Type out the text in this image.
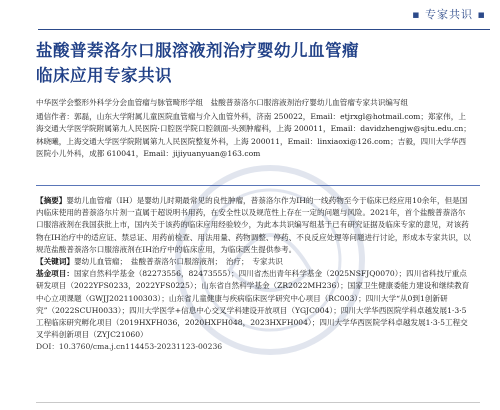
▪ 专家共识 ▪
盐酸普萘洛尔口服溶液剂治疗婴幼儿血管瘤
临床应用专家共识

中华医学会整形外科学分会血管瘤与脉管畸形学组　盐酸普萘洛尔口服溶液剂治疗婴幼儿血管瘤专家共识编写组

通信作者：郭磊，山东大学附属儿童医院血管瘤与介入血管外科，济南 250022，Email：etjrxgl@hotmail.com；郑家伟，上海交通大学医学院附属第九人民医院·口腔医学院口腔颌面-头颈肿瘤科，上海 200011，Email：davidzhengjw@sjtu.edu.cn；林晓曦，上海交通大学医学院附属第九人民医院整复外科，上海 200011，Email：linxiaoxi@126.com；吉毅，四川大学华西医院小儿外科，成都 610041，Email：jijiyuanyuan@163.com

【摘要】婴幼儿血管瘤（IH）是婴幼儿时期最常见的良性肿瘤，普萘洛尔作为IH的一线药物至今于临床已经应用10余年，但是国内临床使用的普萘洛尔片剂一直属于超说明书用药，在安全性以及规范性上存在一定的问题与风险。2021年，首个盐酸普萘洛尔口服溶液剂在我国获批上市，国内关于该药的临床应用经验较少，为此本共识编写组基于已有研究证据及临床专家的意见，对该药物在IH治疗中的适应证、禁忌证、用药前检查、用法用量、药物调整、停药、不良反应处理等问题进行讨论，形成本专家共识，以规范盐酸普萘洛尔口服溶液剂在IH治疗中的临床应用，为临床医生提供参考。

【关键词】婴幼儿血管瘤；　盐酸普萘洛尔口服溶液剂；　治疗；　专家共识

基金项目：国家自然科学基金（82273556，82473555）；四川省杰出青年科学基金（2025NSFJQ0070）；四川省科技厅重点研发项目（2022YFS0233，2022YFS0225）；山东省自然科学基金（ZR2022MH236）；国家卫生健康委能力建设和继续教育中心立项课题（GWJJ2021100303）；山东省儿童健康与疾病临床医学研究中心项目（RC003）；四川大学“从0到1创新研究”（2022SCUH0033）；四川大学医学+信息中心交叉学科建设开放项目（YGJC004）；四川大学华西医院学科卓越发展1·3·5工程临床研究孵化项目（2019HXFH036，2020HXFH048，2023HXFH004）；四川大学华西医院学科卓越发展1·3·5工程交叉学科创新项目（ZYJC21060）

DOI：10.3760/cma.j.cn114453-20231123-00236
